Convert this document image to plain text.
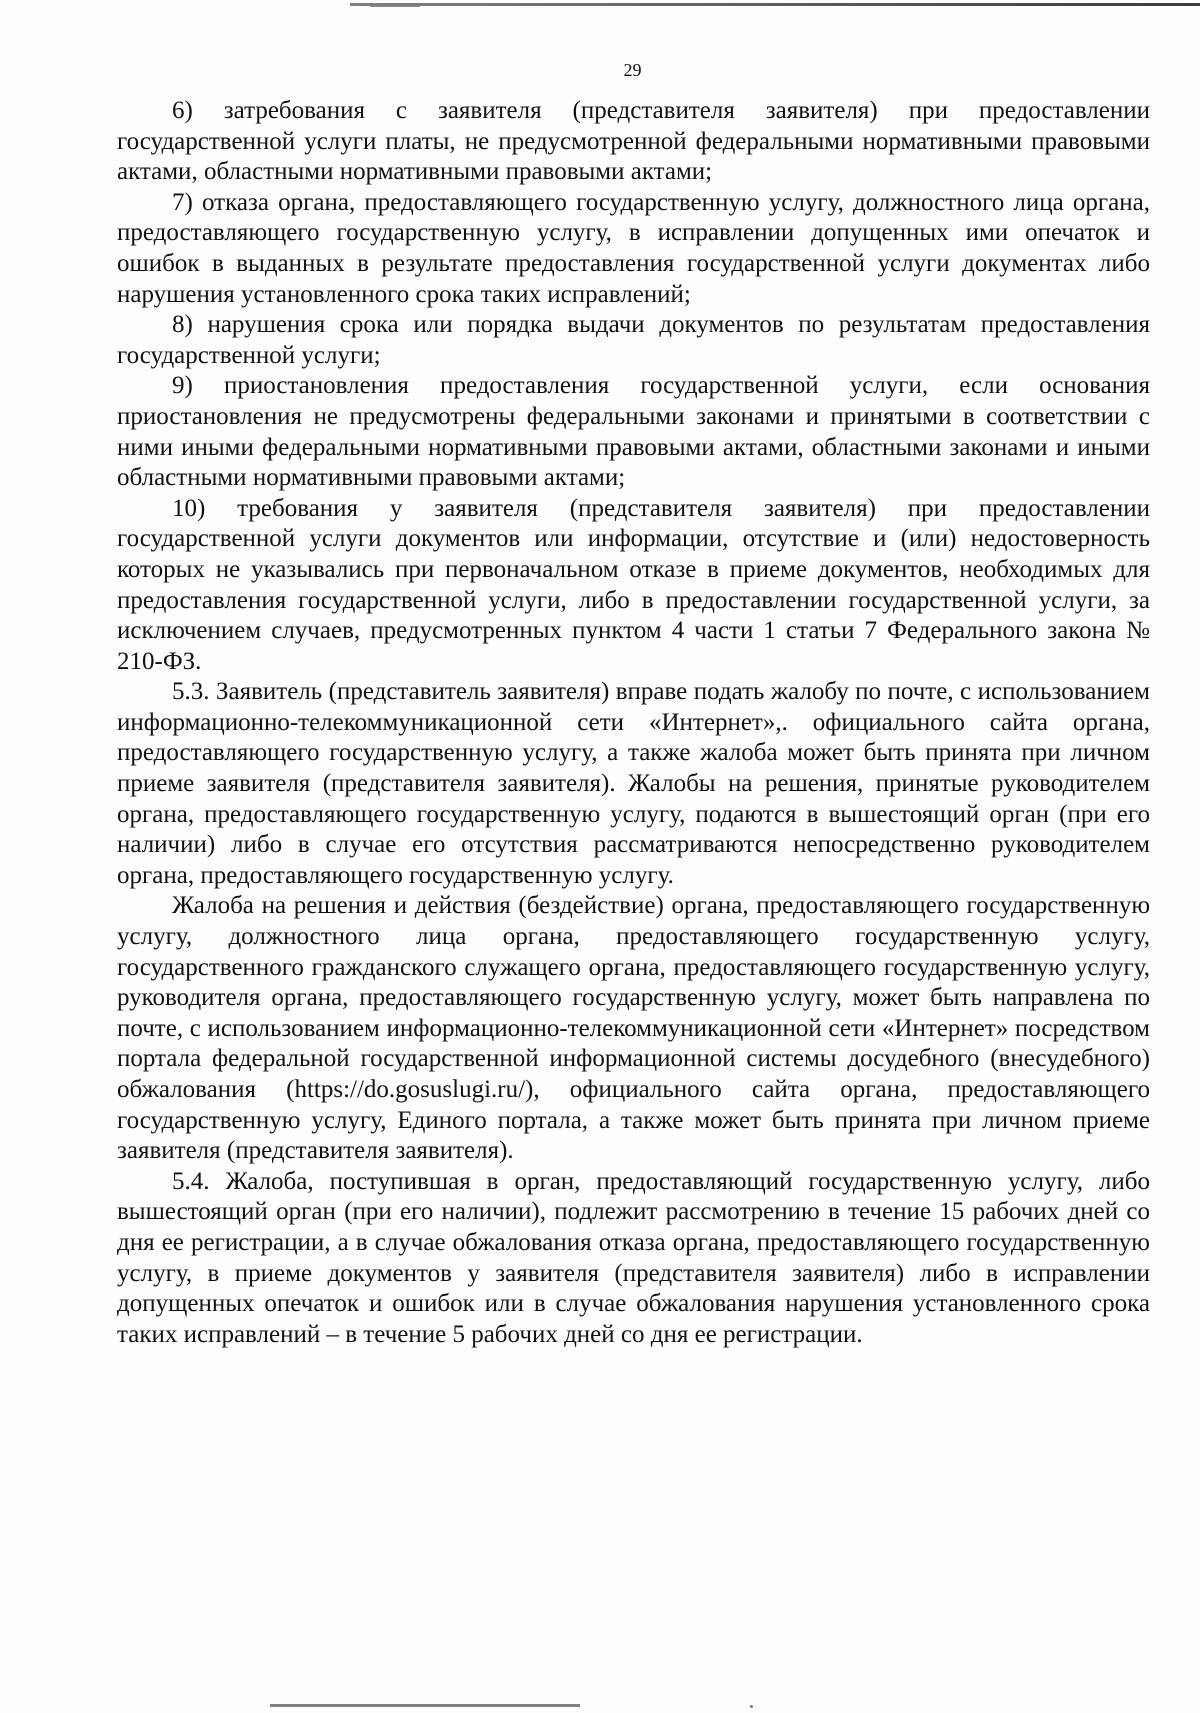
29

6) затребования с заявителя (представителя заявителя) при предоставлении государственной услуги платы, не предусмотренной федеральными нормативными правовыми актами, областными нормативными правовыми актами;

7) отказа органа, предоставляющего государственную услугу, должностного лица органа, предоставляющего государственную услугу, в исправлении допущенных ими опечаток и ошибок в выданных в результате предоставления государственной услуги документах либо нарушения установленного срока таких исправлений;

8) нарушения срока или порядка выдачи документов по результатам предоставления государственной услуги;

9) приостановления предоставления государственной услуги, если основания приостановления не предусмотрены федеральными законами и принятыми в соответствии с ними иными федеральными нормативными правовыми актами, областными законами и иными областными нормативными правовыми актами;

10) требования у заявителя (представителя заявителя) при предоставлении государственной услуги документов или информации, отсутствие и (или) недостоверность которых не указывались при первоначальном отказе в приеме документов, необходимых для предоставления государственной услуги, либо в предоставлении государственной услуги, за исключением случаев, предусмотренных пунктом 4 части 1 статьи 7 Федерального закона № 210-ФЗ.

5.3. Заявитель (представитель заявителя) вправе подать жалобу по почте, с использованием информационно-телекоммуникационной сети «Интернет»,. официального сайта органа, предоставляющего государственную услугу, а также жалоба может быть принята при личном приеме заявителя (представителя заявителя). Жалобы на решения, принятые руководителем органа, предоставляющего государственную услугу, подаются в вышестоящий орган (при его наличии) либо в случае его отсутствия рассматриваются непосредственно руководителем органа, предоставляющего государственную услугу.

Жалоба на решения и действия (бездействие) органа, предоставляющего государственную услугу, должностного лица органа, предоставляющего государственную услугу, государственного гражданского служащего органа, предоставляющего государственную услугу, руководителя органа, предоставляющего государственную услугу, может быть направлена по почте, с использованием информационно-телекоммуникационной сети «Интернет» посредством портала федеральной государственной информационной системы досудебного (внесудебного) обжалования (https://do.gosuslugi.ru/), официального сайта органа, предоставляющего государственную услугу, Единого портала, а также может быть принята при личном приеме заявителя (представителя заявителя).

5.4. Жалоба, поступившая в орган, предоставляющий государственную услугу, либо вышестоящий орган (при его наличии), подлежит рассмотрению в течение 15 рабочих дней со дня ее регистрации, а в случае обжалования отказа органа, предоставляющего государственную услугу, в приеме документов у заявителя (представителя заявителя) либо в исправлении допущенных опечаток и ошибок или в случае обжалования нарушения установленного срока таких исправлений – в течение 5 рабочих дней со дня ее регистрации.
